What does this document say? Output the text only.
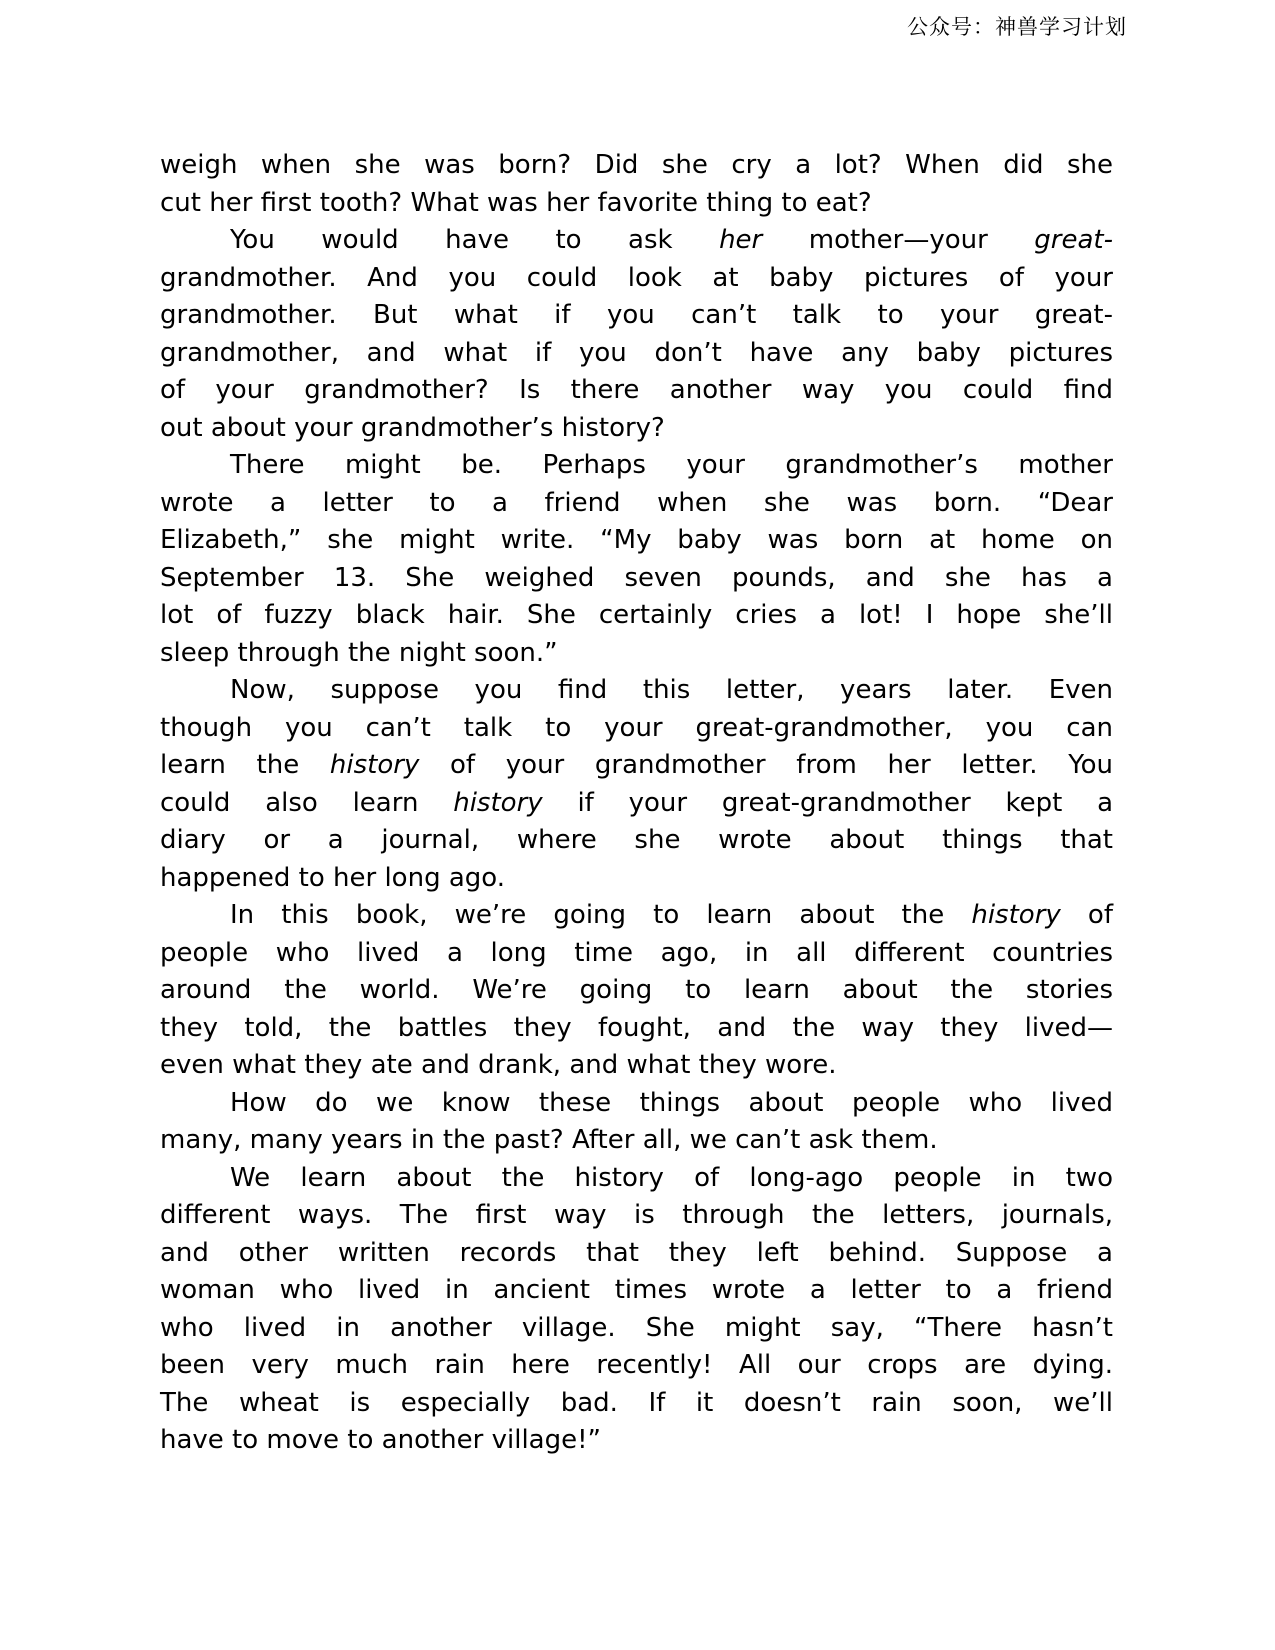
公众号：神兽学习计划
weigh when she was born? Did she cry a lot? When did she
cut her first tooth? What was her favorite thing to eat?
You would have to ask her mother—your great-
grandmother. And you could look at baby pictures of your
grandmother. But what if you can’t talk to your great-
grandmother, and what if you don’t have any baby pictures
of your grandmother? Is there another way you could find
out about your grandmother’s history?
There might be. Perhaps your grandmother’s mother
wrote a letter to a friend when she was born. “Dear
Elizabeth,” she might write. “My baby was born at home on
September 13. She weighed seven pounds, and she has a
lot of fuzzy black hair. She certainly cries a lot! I hope she’ll
sleep through the night soon.”
Now, suppose you find this letter, years later. Even
though you can’t talk to your great-grandmother, you can
learn the history of your grandmother from her letter. You
could also learn history if your great-grandmother kept a
diary or a journal, where she wrote about things that
happened to her long ago.
In this book, we’re going to learn about the history of
people who lived a long time ago, in all different countries
around the world. We’re going to learn about the stories
they told, the battles they fought, and the way they lived—
even what they ate and drank, and what they wore.
How do we know these things about people who lived
many, many years in the past? After all, we can’t ask them.
We learn about the history of long-ago people in two
different ways. The first way is through the letters, journals,
and other written records that they left behind. Suppose a
woman who lived in ancient times wrote a letter to a friend
who lived in another village. She might say, “There hasn’t
been very much rain here recently! All our crops are dying.
The wheat is especially bad. If it doesn’t rain soon, we’ll
have to move to another village!”
